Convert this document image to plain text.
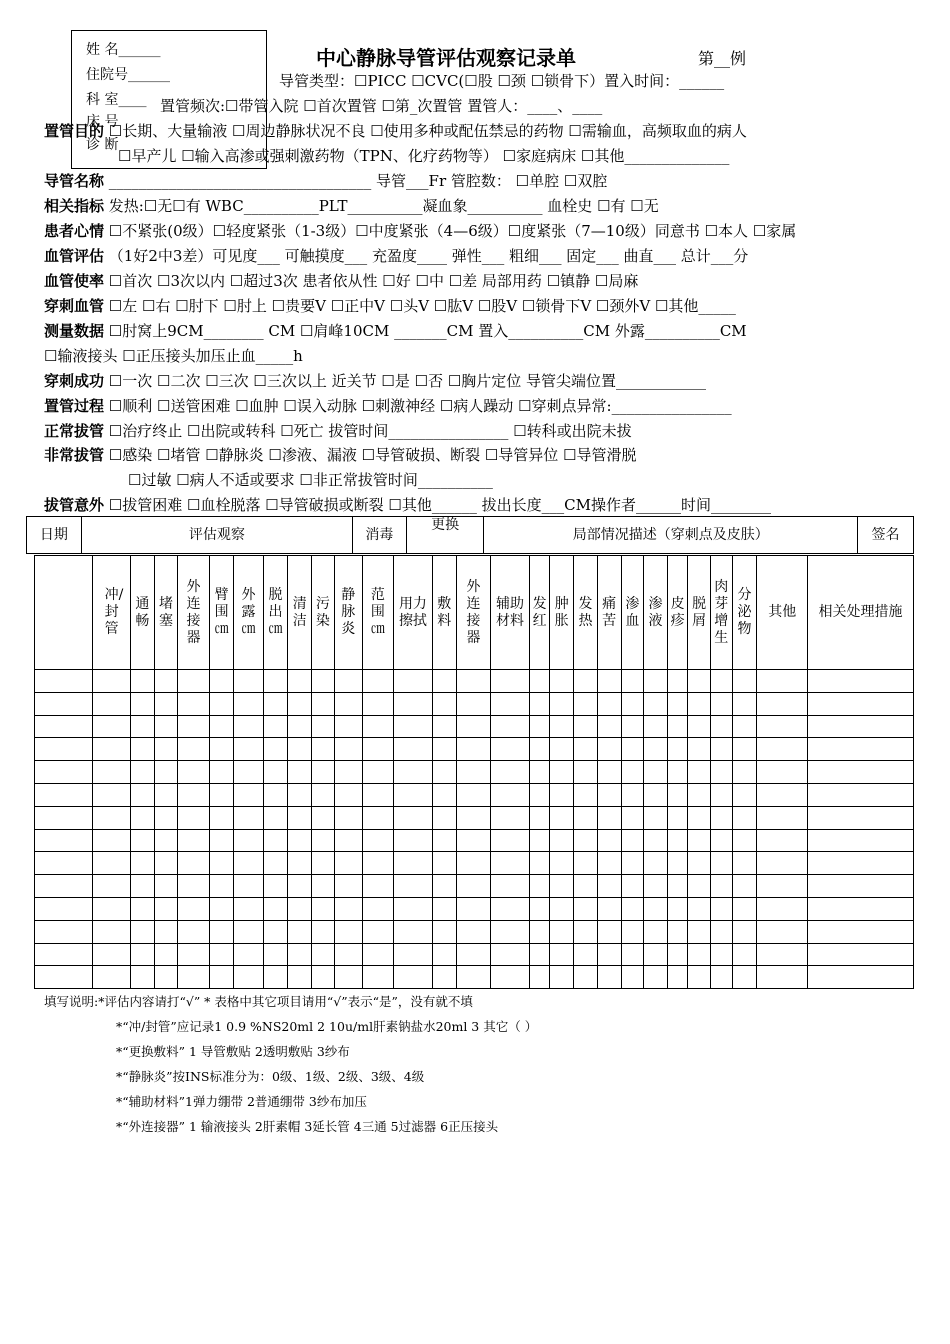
姓 名______
住院号______
科 室____
床 号
诊 断
中心静脉导管评估观察记录单	第__例
导管类型：☐PICC ☐CVC(☐股 ☐颈 ☐锁骨下）置入时间：______
置管频次:☐带管入院 ☐首次置管 ☐第_次置管 置管人：____、____
置管目的 ☐长期、大量输液 ☐周边静脉状况不良 ☐使用多种或配伍禁忌的药物 ☐需输血，高频取血的病人
☐早产儿 ☐输入高渗或强刺激药物（TPN、化疗药物等） ☐家庭病床 ☐其他______________
导管名称 ___________________________________ 导管___Fr 管腔数： ☐单腔 ☐双腔
相关指标 发热:☐无☐有 WBC__________PLT__________凝血象__________ 血栓史 ☐有 ☐无
患者心情 ☐不紧张(0级）☐轻度紧张（1-3级）☐中度紧张（4—6级）☐度紧张（7—10级）同意书 ☐本人 ☐家属
血管评估 （1好2中3差）可见度___ 可触摸度___ 充盈度____ 弹性___ 粗细___ 固定___ 曲直___ 总计___分
血管使率 ☐首次 ☐3次以内 ☐超过3次 患者依从性 ☐好 ☐中 ☐差 局部用药 ☐镇静 ☐局麻
穿刺血管 ☐左 ☐右 ☐肘下 ☐肘上 ☐贵要Ⅴ ☐正中Ⅴ ☐头Ⅴ ☐肱Ⅴ ☐股Ⅴ ☐锁骨下Ⅴ ☐颈外Ⅴ ☐其他_____
测量数据 ☐肘窝上9CM________ CM ☐肩峰10CM _______CM 置入__________CM 外露__________CM
☐输液接头 ☐正压接头加压止血_____h
穿刺成功 ☐一次 ☐二次 ☐三次 ☐三次以上 近关节 ☐是 ☐否 ☐胸片定位 导管尖端位置____________
置管过程 ☐顺利 ☐送管困难 ☐血肿 ☐误入动脉 ☐刺激神经 ☐病人躁动 ☐穿刺点异常:________________
正常拔管 ☐治疗终止 ☐出院或转科 ☐死亡 拔管时间________________ ☐转科或出院未拔
非常拔管 ☐感染 ☐堵管 ☐静脉炎 ☐渗液、漏液 ☐导管破损、断裂 ☐导管异位 ☐导管滑脱
☐过敏 ☐病人不适或要求 ☐非正常拔管时间__________
拔管意外 ☐拔管困难 ☐血栓脱落 ☐导管破损或断裂 ☐其他______ 拔出长度___CM操作者______时间________
日期	评估观察	消毒	更换	局部情况描述（穿刺点及皮肤）	签名
	冲/封管	通畅	堵塞	外连接器	臂围㎝	外露㎝	脱出㎝	清洁	污染	静脉炎	范围㎝	用力擦拭	敷料	外连接器	辅助材料	发红	肿胀	发热	痛苦	渗血	渗液	皮疹	脱屑	肉芽增生	分泌物	其他	相关处理措施

填写说明:*评估内容请打“√” * 表格中其它项目请用“√”表示“是”，没有就不填
*“冲/封管”应记录1 0.9 %NS20ml 2 10u/ml肝素钠盐水20ml 3 其它（ ）
*“更换敷料” 1 导管敷贴 2透明敷贴 3纱布
*“静脉炎”按INS标准分为：0级、1级、2级、3级、4级
*“辅助材料”1弹力绷带 2普通绷带 3纱布加压
*“外连接器” 1 输液接头 2肝素帽 3延长管 4三通 5过滤器 6正压接头
